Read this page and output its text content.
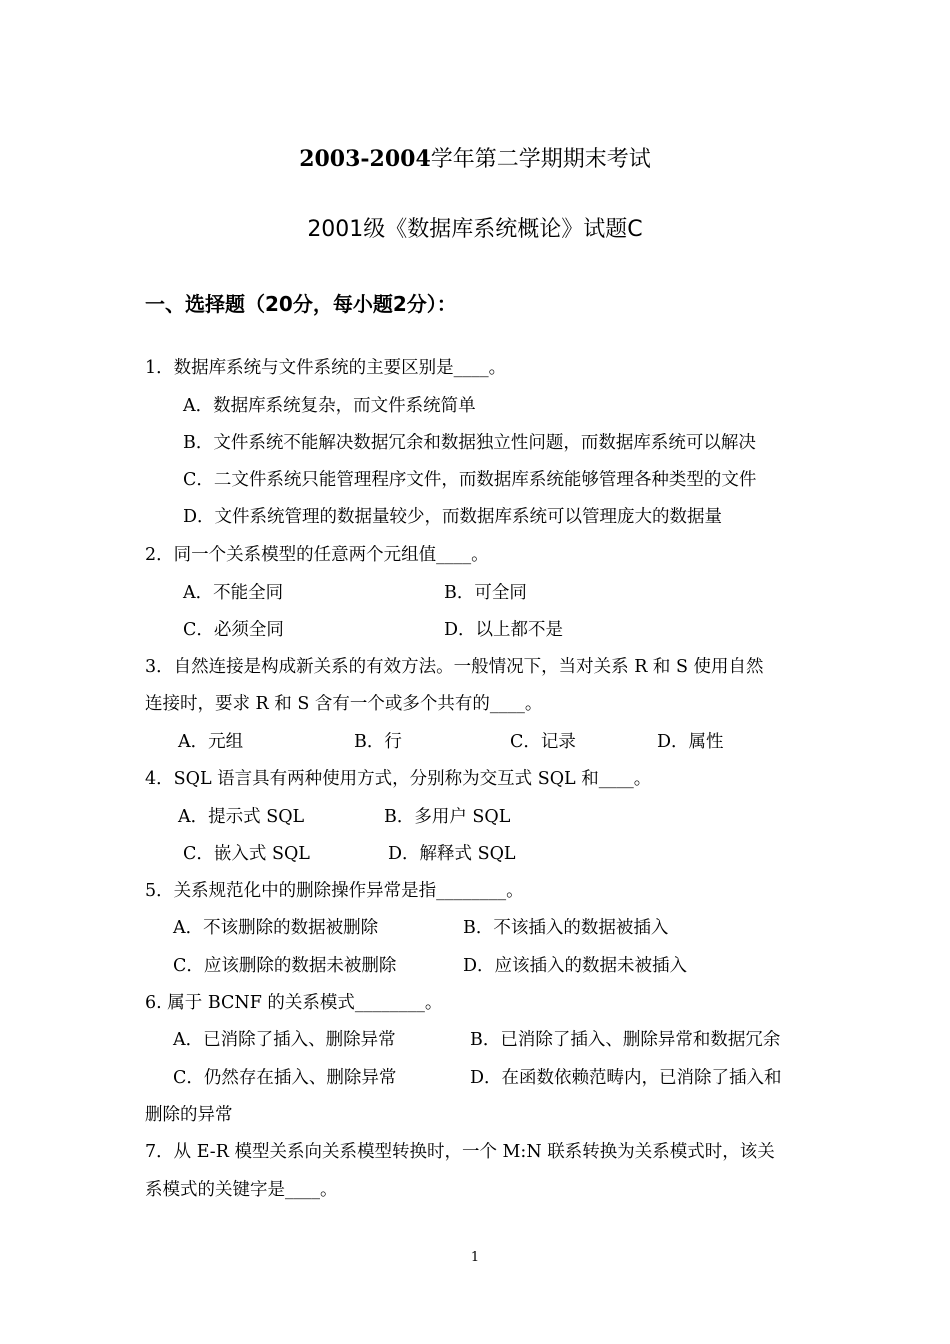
2003-2004学年第二学期期末考试
2001级《数据库系统概论》试题C
一、选择题（20分，每小题2分）：
1．数据库系统与文件系统的主要区别是____。
A．数据库系统复杂，而文件系统简单
B．文件系统不能解决数据冗余和数据独立性问题，而数据库系统可以解决
C．二文件系统只能管理程序文件，而数据库系统能够管理各种类型的文件
D．文件系统管理的数据量较少，而数据库系统可以管理庞大的数据量
2．同一个关系模型的任意两个元组值____。
A．不能全同	B．可全同
C．必须全同	D．以上都不是
3．自然连接是构成新关系的有效方法。一般情况下，当对关系 R 和 S 使用自然
连接时，要求 R 和 S 含有一个或多个共有的____。
A．元组	B．行	C．记录	D．属性
4．SQL 语言具有两种使用方式，分别称为交互式 SQL 和____。
A．提示式 SQL	B．多用户 SQL
C．嵌入式 SQL	D．解释式 SQL
5．关系规范化中的删除操作异常是指________。
A．不该删除的数据被删除	B．不该插入的数据被插入
C．应该删除的数据未被删除	D．应该插入的数据未被插入
6. 属于 BCNF 的关系模式________。
A．已消除了插入、删除异常	B．已消除了插入、删除异常和数据冗余
C．仍然存在插入、删除异常	D．在函数依赖范畴内，已消除了插入和
删除的异常
7．从 E-R 模型关系向关系模型转换时，一个 M:N 联系转换为关系模式时，该关
系模式的关键字是____。
1
